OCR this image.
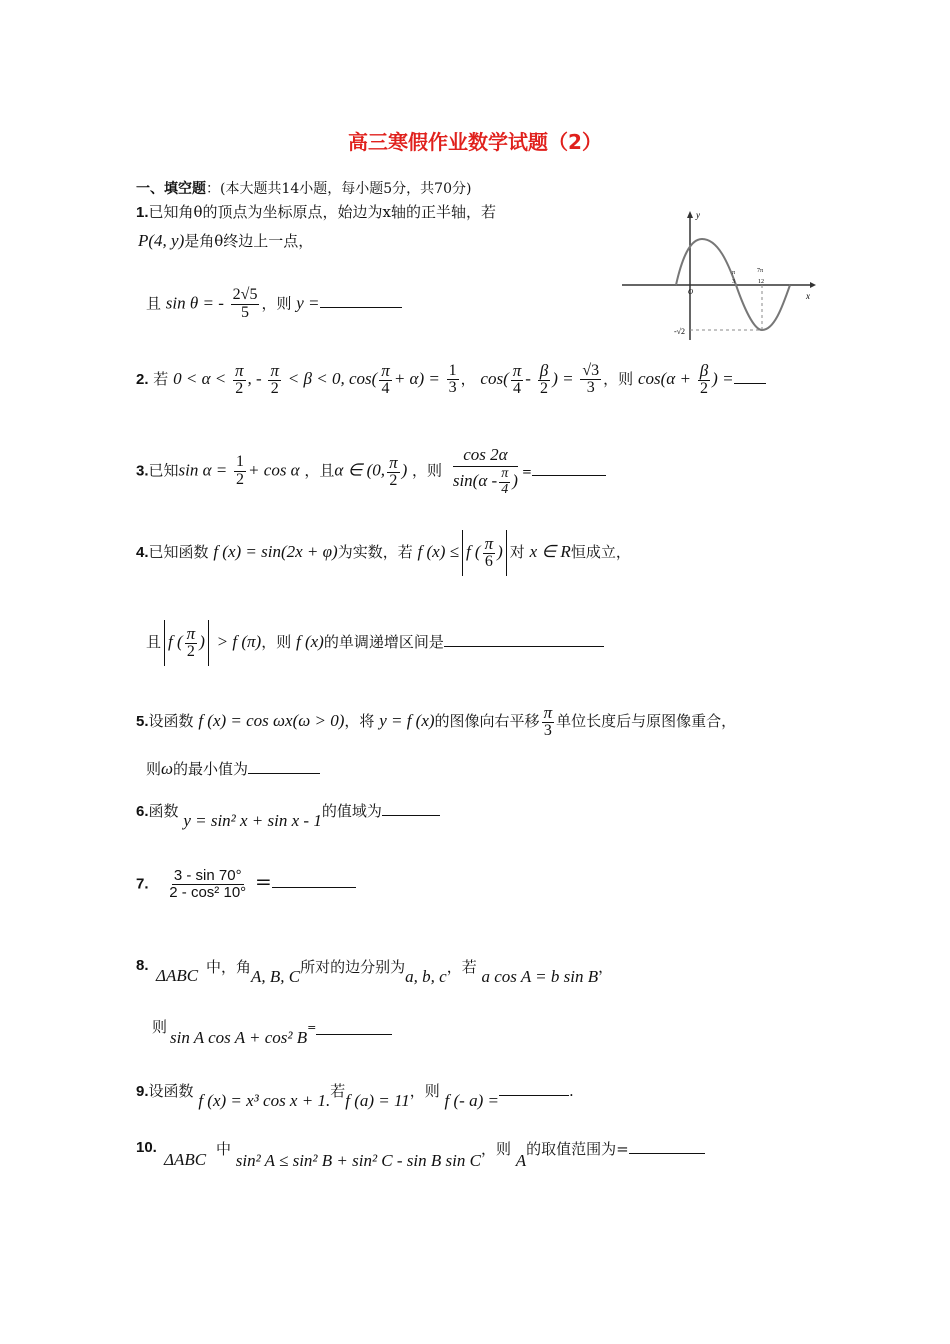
高三寒假作业数学试题（2）
一、填空题：(本大题共14小题，每小题5分，共70分)
1.已知角θ的顶点为坐标原点，始边为x轴的正半轴，若
P(4, y)是角θ终边上一点，
且 sin θ = - $\frac{2√5}{5}$ ，则 y =
y
x
O
π
3
7π
12
-√2
2. 若 $0 < \alpha < \frac{\pi}{2}$ , - $\frac{\pi}{2} < \beta < 0$, $\cos( \frac{\pi}{4} + \alpha) = \frac{1}{3}$ ， $\cos( \frac{\pi}{4} - \frac{\beta}{2}$ ) = $\frac{√3}{3}$ ，则 $\cos(\alpha + \frac{\beta}{2}$ ) =
3.已知$\sin \alpha = \frac{1}{2} + \cos \alpha$ ，且α ∈ (0, $\frac{\pi}{2}$ ) ，则 $\frac{\cos 2\alpha}{\sin(\alpha - \frac{\pi}{4} )}$ =
4.已知函数 f (x) = sin(2x + φ)为实数，若 f (x) ≤ f ( $\frac{\pi}{6}$ ) 对 x ∈ R恒成立，
且 f ( $\frac{\pi}{2}$ ) > f (π)，则 f (x)的单调递增区间是
5.设函数 f (x) = cos ωx(ω > 0)，将 y = f (x)的图像向右平移 $\frac{\pi}{3}$ 单位长度后与原图像重合，
则ω的最小值为
6.函数 y = sin² x + sin x - 1的值域为
7. $\frac{3 - \sin 70^\circ}{\text{2 - cos² 10°}}$ =
8.
ΔABC 中，角A, B, C所对的边分别为a, b, c，若 a cos A = b sin B，
则
sin A cos A + cos² B=
9.设函数 f (x) = x³ cos x + 1.若f (a) = 11，则 f (- a) =	.
10.
ΔABC
中 sin² A ≤ sin² B + sin² C - sin B sin C，则 A的取值范围为=
